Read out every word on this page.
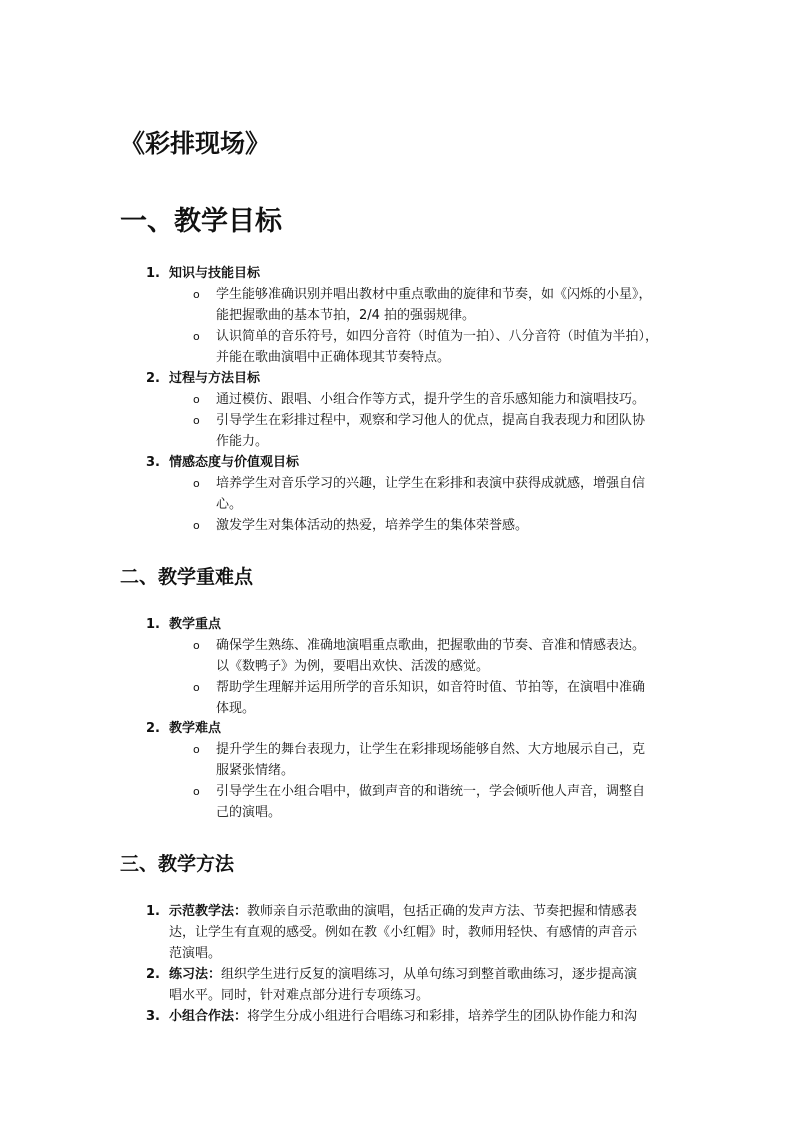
《彩排现场》
一、教学目标
1. 知识与技能目标
o 学生能够准确识别并唱出教材中重点歌曲的旋律和节奏，如《闪烁的小星》，
能把握歌曲的基本节拍，2/4 拍的强弱规律。
o 认识简单的音乐符号，如四分音符（时值为一拍）、八分音符（时值为半拍），
并能在歌曲演唱中正确体现其节奏特点。
2. 过程与方法目标
o 通过模仿、跟唱、小组合作等方式，提升学生的音乐感知能力和演唱技巧。
o 引导学生在彩排过程中，观察和学习他人的优点，提高自我表现力和团队协
作能力。
3. 情感态度与价值观目标
o 培养学生对音乐学习的兴趣，让学生在彩排和表演中获得成就感，增强自信
心。
o 激发学生对集体活动的热爱，培养学生的集体荣誉感。
二、教学重难点
1. 教学重点
o 确保学生熟练、准确地演唱重点歌曲，把握歌曲的节奏、音准和情感表达。
以《数鸭子》为例，要唱出欢快、活泼的感觉。
o 帮助学生理解并运用所学的音乐知识，如音符时值、节拍等，在演唱中准确
体现。
2. 教学难点
o 提升学生的舞台表现力，让学生在彩排现场能够自然、大方地展示自己，克
服紧张情绪。
o 引导学生在小组合唱中，做到声音的和谐统一，学会倾听他人声音，调整自
己的演唱。
三、教学方法
1. 示范教学法：教师亲自示范歌曲的演唱，包括正确的发声方法、节奏把握和情感表
达，让学生有直观的感受。例如在教《小红帽》时，教师用轻快、有感情的声音示
范演唱。
2. 练习法：组织学生进行反复的演唱练习，从单句练习到整首歌曲练习，逐步提高演
唱水平。同时，针对难点部分进行专项练习。
3. 小组合作法：将学生分成小组进行合唱练习和彩排，培养学生的团队协作能力和沟
